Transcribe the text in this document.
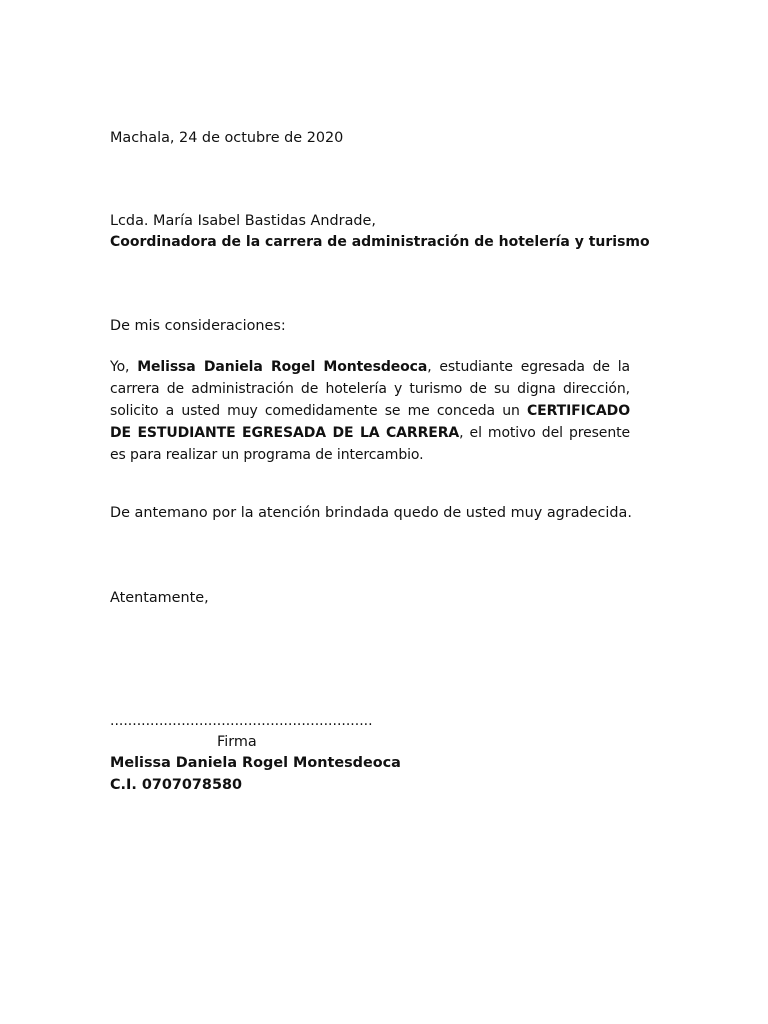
Machala, 24 de octubre de 2020
Lcda. María Isabel Bastidas Andrade,
Coordinadora de la carrera de administración de hotelería y turismo
De mis consideraciones:
Yo, Melissa Daniela Rogel Montesdeoca, estudiante egresada de la carrera de administración de hotelería y turismo de su digna dirección, solicito a usted muy comedidamente se me conceda un CERTIFICADO DE ESTUDIANTE EGRESADA DE LA CARRERA, el motivo del presente es para realizar un programa de intercambio.
De antemano por la atención brindada quedo de usted muy agradecida.
Atentamente,
...........................................................
Firma
Melissa Daniela Rogel Montesdeoca
C.I. 0707078580
